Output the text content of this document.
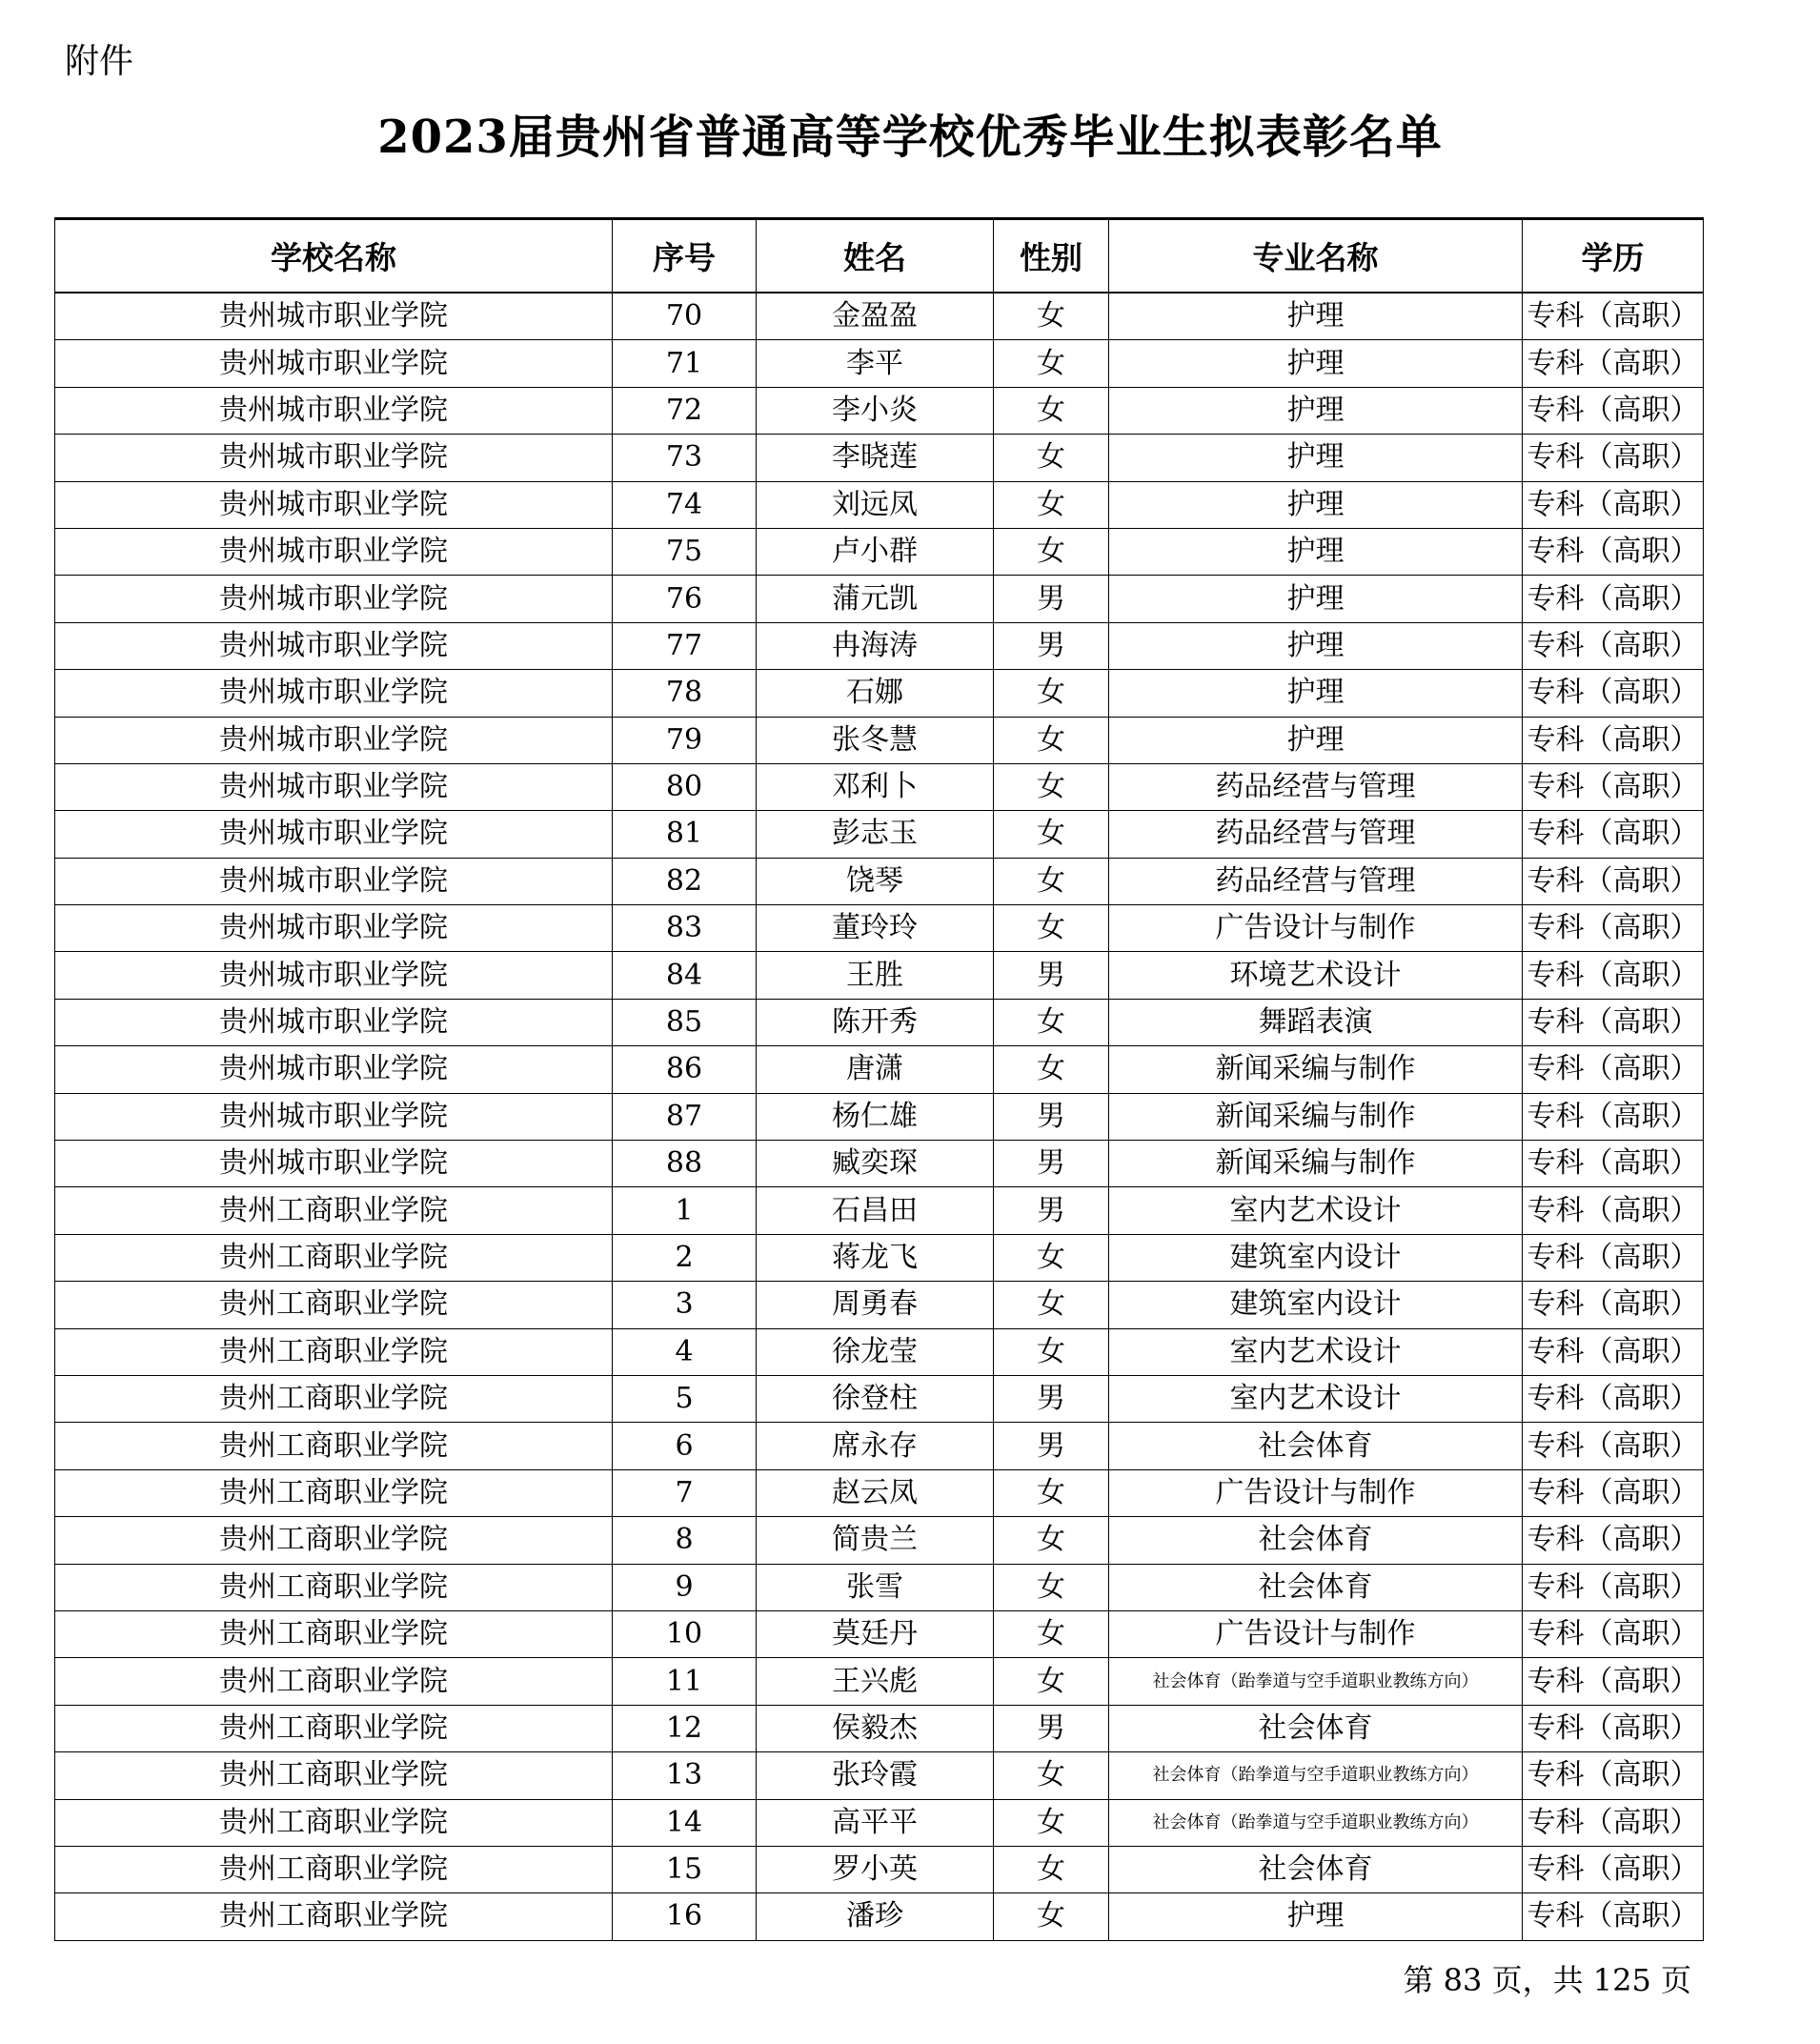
附件
2023届贵州省普通高等学校优秀毕业生拟表彰名单
学校名称	序号	姓名	性别	专业名称	学历
贵州城市职业学院	70	金盈盈	女	护理	专科（高职）
贵州城市职业学院	71	李平	女	护理	专科（高职）
贵州城市职业学院	72	李小炎	女	护理	专科（高职）
贵州城市职业学院	73	李晓莲	女	护理	专科（高职）
贵州城市职业学院	74	刘远凤	女	护理	专科（高职）
贵州城市职业学院	75	卢小群	女	护理	专科（高职）
贵州城市职业学院	76	蒲元凯	男	护理	专科（高职）
贵州城市职业学院	77	冉海涛	男	护理	专科（高职）
贵州城市职业学院	78	石娜	女	护理	专科（高职）
贵州城市职业学院	79	张冬慧	女	护理	专科（高职）
贵州城市职业学院	80	邓利卜	女	药品经营与管理	专科（高职）
贵州城市职业学院	81	彭志玉	女	药品经营与管理	专科（高职）
贵州城市职业学院	82	饶琴	女	药品经营与管理	专科（高职）
贵州城市职业学院	83	董玲玲	女	广告设计与制作	专科（高职）
贵州城市职业学院	84	王胜	男	环境艺术设计	专科（高职）
贵州城市职业学院	85	陈开秀	女	舞蹈表演	专科（高职）
贵州城市职业学院	86	唐潇	女	新闻采编与制作	专科（高职）
贵州城市职业学院	87	杨仁雄	男	新闻采编与制作	专科（高职）
贵州城市职业学院	88	臧奕琛	男	新闻采编与制作	专科（高职）
贵州工商职业学院	1	石昌田	男	室内艺术设计	专科（高职）
贵州工商职业学院	2	蒋龙飞	女	建筑室内设计	专科（高职）
贵州工商职业学院	3	周勇春	女	建筑室内设计	专科（高职）
贵州工商职业学院	4	徐龙莹	女	室内艺术设计	专科（高职）
贵州工商职业学院	5	徐登柱	男	室内艺术设计	专科（高职）
贵州工商职业学院	6	席永存	男	社会体育	专科（高职）
贵州工商职业学院	7	赵云凤	女	广告设计与制作	专科（高职）
贵州工商职业学院	8	简贵兰	女	社会体育	专科（高职）
贵州工商职业学院	9	张雪	女	社会体育	专科（高职）
贵州工商职业学院	10	莫廷丹	女	广告设计与制作	专科（高职）
贵州工商职业学院	11	王兴彪	女	社会体育（跆拳道与空手道职业教练方向）	专科（高职）
贵州工商职业学院	12	侯毅杰	男	社会体育	专科（高职）
贵州工商职业学院	13	张玲霞	女	社会体育（跆拳道与空手道职业教练方向）	专科（高职）
贵州工商职业学院	14	高平平	女	社会体育（跆拳道与空手道职业教练方向）	专科（高职）
贵州工商职业学院	15	罗小英	女	社会体育	专科（高职）
贵州工商职业学院	16	潘珍	女	护理	专科（高职）
第 83 页，共 125 页
